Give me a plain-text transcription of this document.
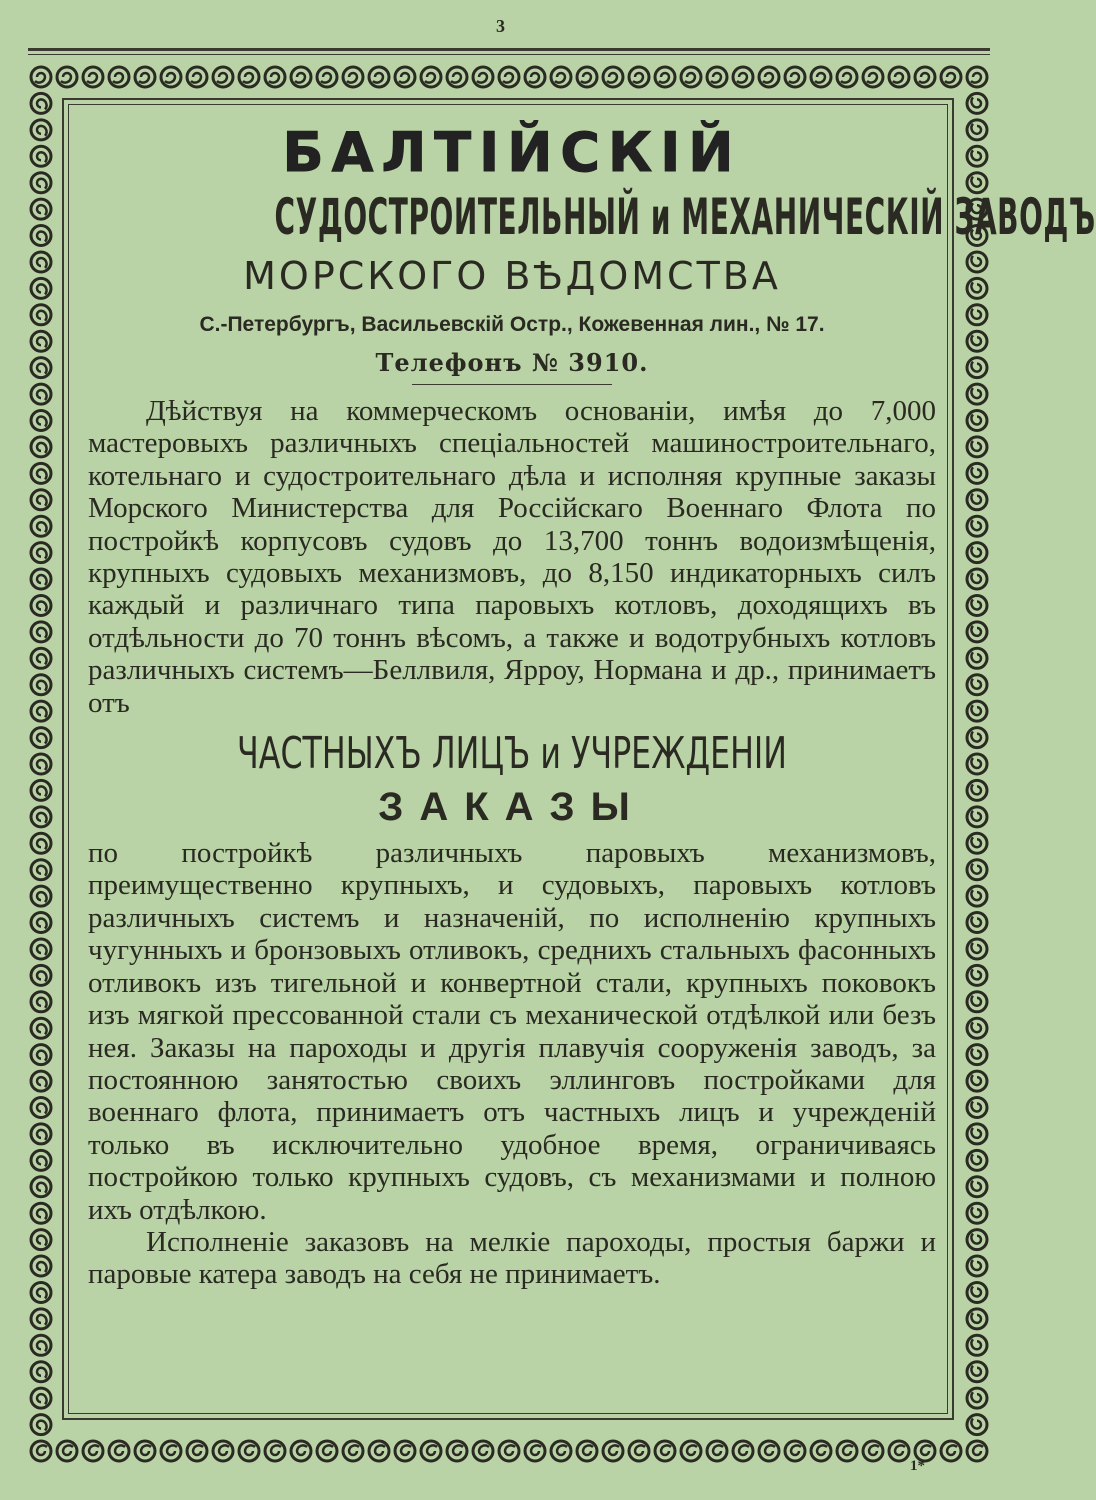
3
БАЛТІЙСКІЙ
СУДОСТРОИТЕЛЬНЫЙ и МЕХАНИЧЕСКІЙ ЗАВОДЪ
МОРСКОГО ВѢДОМСТВА
С.-Петербургъ, Васильевскій Остр., Кожевенная лин., № 17.
Телефонъ № 3910.

Дѣйствуя на коммерческомъ основаніи, имѣя до 7,000 мастеровыхъ различныхъ спеціальностей машиностроительнаго, котельнаго и судостроительнаго дѣла и исполняя крупные заказы Морского Министерства для Россійскаго Военнаго Флота по постройкѣ корпусовъ судовъ до 13,700 тоннъ водоизмѣщенія, крупныхъ судовыхъ механизмовъ, до 8,150 индикаторныхъ силъ каждый и различнаго типа паровыхъ котловъ, доходящихъ въ отдѣльности до 70 тоннъ вѣсомъ, а также и водотрубныхъ котловъ различныхъ системъ—Беллвиля, Ярроу, Нормана и др., принимаетъ отъ

ЧАСТНЫХЪ ЛИЦЪ и УЧРЕЖДЕНІИ
ЗАКАЗЫ

по постройкѣ различныхъ паровыхъ механизмовъ, преимущественно крупныхъ, и судовыхъ, паровыхъ котловъ различныхъ системъ и назначеній, по исполненію крупныхъ чугунныхъ и бронзовыхъ отливокъ, среднихъ стальныхъ фасонныхъ отливокъ изъ тигельной и конвертной стали, крупныхъ поковокъ изъ мягкой прессованной стали съ механической отдѣлкой или безъ нея. Заказы на пароходы и другія плавучія сооруженія заводъ, за постоянною занятостью своихъ эллинговъ постройками для военнаго флота, принимаетъ отъ частныхъ лицъ и учрежденій только въ исключительно удобное время, ограничиваясь постройкою только крупныхъ судовъ, съ механизмами и полною ихъ отдѣлкою.

Исполненіе заказовъ на мелкіе пароходы, простыя баржи и паровые катера заводъ на себя не принимаетъ.

1*
